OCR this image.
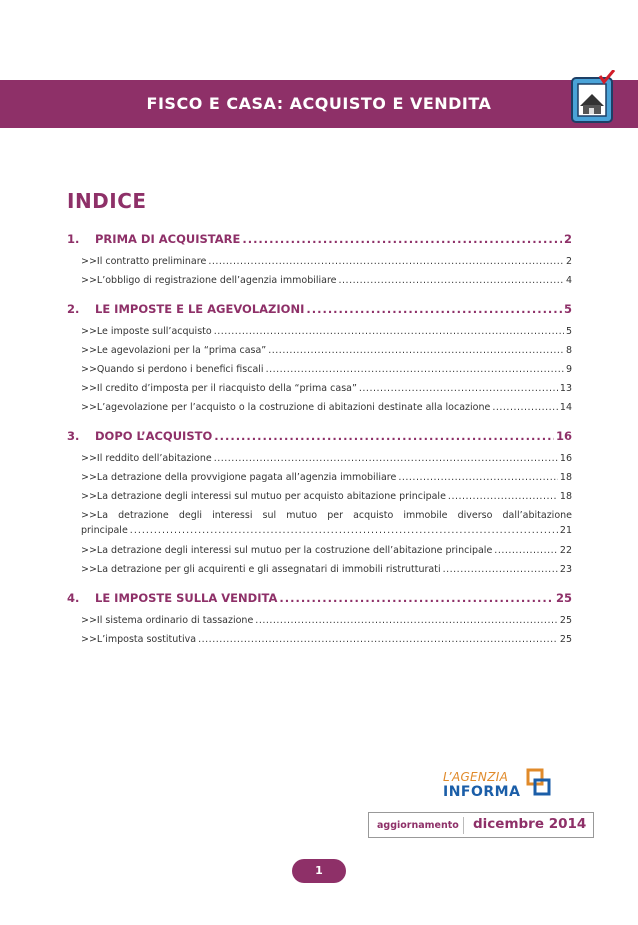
FISCO E CASA: ACQUISTO E VENDITA
INDICE
1.	PRIMA DI ACQUISTARE .....	2
>>Il contratto preliminare .....	2
>>L’obbligo di registrazione dell’agenzia immobiliare .....	4
2.	LE IMPOSTE E LE AGEVOLAZIONI .....	5
>>Le imposte sull’acquisto .....	5
>>Le agevolazioni per la “prima casa” .....	8
>>Quando si perdono i benefici fiscali .....	9
>>Il credito d’imposta per il riacquisto della “prima casa” .....	13
>>L’agevolazione per l’acquisto o la costruzione di abitazioni destinate alla locazione .....	14
3.	DOPO L’ACQUISTO .....	16
>>Il reddito dell’abitazione .....	16
>>La detrazione della provvigione pagata all’agenzia immobiliare .....	18
>>La detrazione degli interessi sul mutuo per acquisto abitazione principale .....	18
>>La detrazione degli interessi sul mutuo per acquisto immobile diverso dall’abitazione
principale .....	21
>>La detrazione degli interessi sul mutuo per la costruzione dell’abitazione principale .....	22
>>La detrazione per gli acquirenti e gli assegnatari di immobili ristrutturati .....	23
4.	LE IMPOSTE SULLA VENDITA .....	25
>>Il sistema ordinario di tassazione .....	25
>>L’imposta sostitutiva .....	25
L’AGENZIA
INFORMA
aggiornamento dicembre 2014
1
